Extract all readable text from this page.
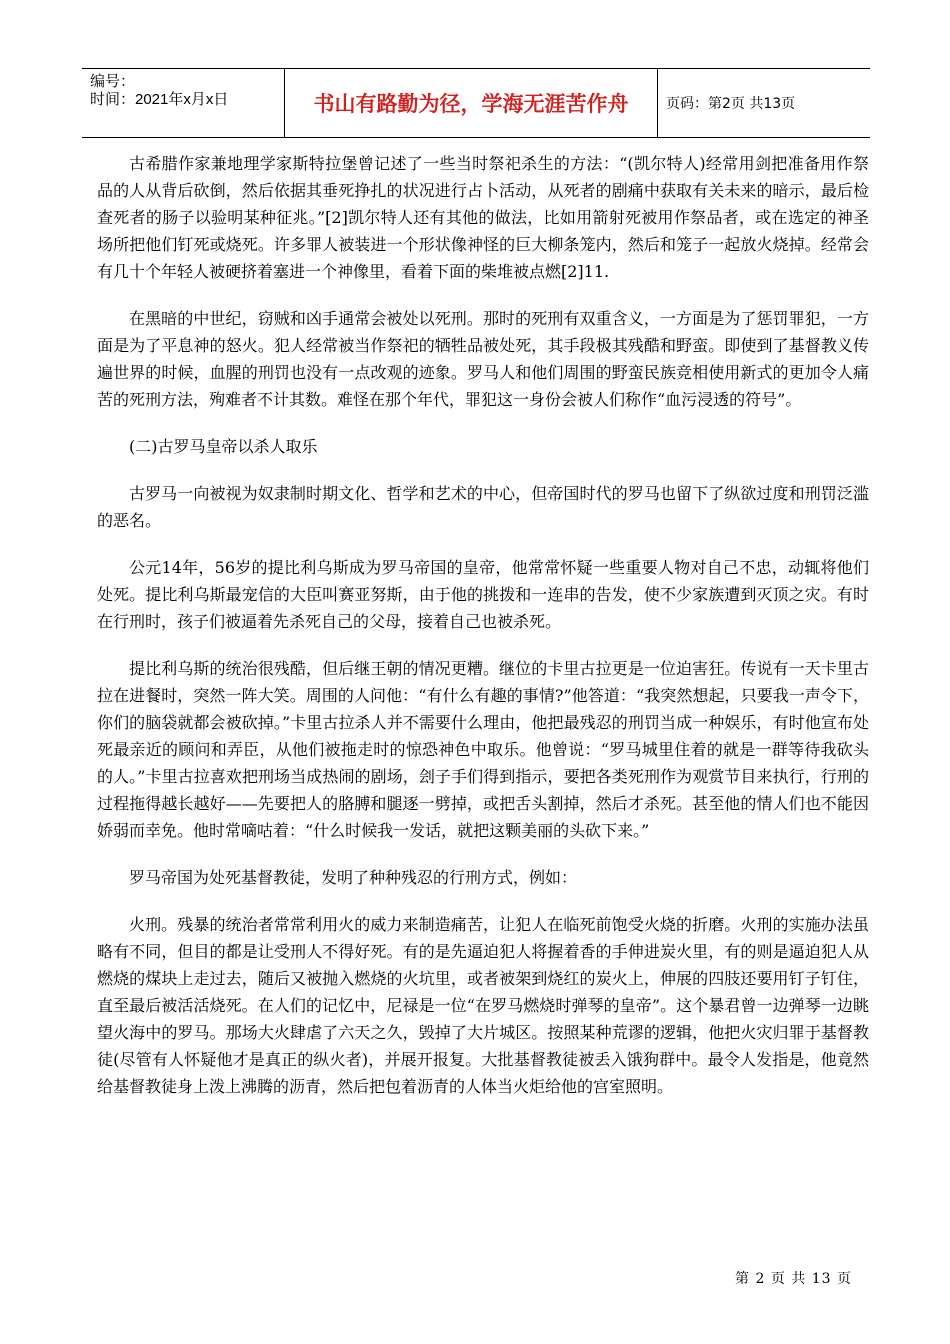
编号：
时间：2021年x月x日	书山有路勤为径，学海无涯苦作舟	页码：第2页 共13页

古希腊作家兼地理学家斯特拉堡曾记述了一些当时祭祀杀生的方法：“(凯尔特人)经常用剑把准备用作祭品的人从背后砍倒，然后依据其垂死挣扎的状况进行占卜活动，从死者的剧痛中获取有关未来的暗示，最后检查死者的肠子以验明某种征兆。”[2]凯尔特人还有其他的做法，比如用箭射死被用作祭品者，或在选定的神圣场所把他们钉死或烧死。许多罪人被装进一个形状像神怪的巨大柳条笼内，然后和笼子一起放火烧掉。经常会有几十个年轻人被硬挤着塞进一个神像里，看着下面的柴堆被点燃[2]11.

在黑暗的中世纪，窃贼和凶手通常会被处以死刑。那时的死刑有双重含义，一方面是为了惩罚罪犯，一方面是为了平息神的怒火。犯人经常被当作祭祀的牺牲品被处死，其手段极其残酷和野蛮。即使到了基督教义传遍世界的时候，血腥的刑罚也没有一点改观的迹象。罗马人和他们周围的野蛮民族竞相使用新式的更加令人痛苦的死刑方法，殉难者不计其数。难怪在那个年代，罪犯这一身份会被人们称作“血污浸透的符号”。

(二)古罗马皇帝以杀人取乐

古罗马一向被视为奴隶制时期文化、哲学和艺术的中心，但帝国时代的罗马也留下了纵欲过度和刑罚泛滥的恶名。

公元14年，56岁的提比利乌斯成为罗马帝国的皇帝，他常常怀疑一些重要人物对自己不忠，动辄将他们处死。提比利乌斯最宠信的大臣叫赛亚努斯，由于他的挑拨和一连串的告发，使不少家族遭到灭顶之灾。有时在行刑时，孩子们被逼着先杀死自己的父母，接着自己也被杀死。

提比利乌斯的统治很残酷，但后继王朝的情况更糟。继位的卡里古拉更是一位迫害狂。传说有一天卡里古拉在进餐时，突然一阵大笑。周围的人问他：“有什么有趣的事情?”他答道：“我突然想起，只要我一声令下，你们的脑袋就都会被砍掉。”卡里古拉杀人并不需要什么理由，他把最残忍的刑罚当成一种娱乐，有时他宣布处死最亲近的顾问和弄臣，从他们被拖走时的惊恐神色中取乐。他曾说：“罗马城里住着的就是一群等待我砍头的人。”卡里古拉喜欢把刑场当成热闹的剧场，刽子手们得到指示，要把各类死刑作为观赏节目来执行，行刑的过程拖得越长越好——先要把人的胳膊和腿逐一劈掉，或把舌头割掉，然后才杀死。甚至他的情人们也不能因娇弱而幸免。他时常嘀咕着：“什么时候我一发话，就把这颗美丽的头砍下来。”

罗马帝国为处死基督教徒，发明了种种残忍的行刑方式，例如：

火刑。残暴的统治者常常利用火的威力来制造痛苦，让犯人在临死前饱受火烧的折磨。火刑的实施办法虽略有不同，但目的都是让受刑人不得好死。有的是先逼迫犯人将握着香的手伸进炭火里，有的则是逼迫犯人从燃烧的煤块上走过去，随后又被抛入燃烧的火坑里，或者被架到烧红的炭火上，伸展的四肢还要用钉子钉住，直至最后被活活烧死。在人们的记忆中，尼禄是一位“在罗马燃烧时弹琴的皇帝”。这个暴君曾一边弹琴一边眺望火海中的罗马。那场大火肆虐了六天之久，毁掉了大片城区。按照某种荒谬的逻辑，他把火灾归罪于基督教徒(尽管有人怀疑他才是真正的纵火者)，并展开报复。大批基督教徒被丢入饿狗群中。最令人发指是，他竟然给基督教徒身上泼上沸腾的沥青，然后把包着沥青的人体当火炬给他的宫室照明。

第 2 页 共 13 页
